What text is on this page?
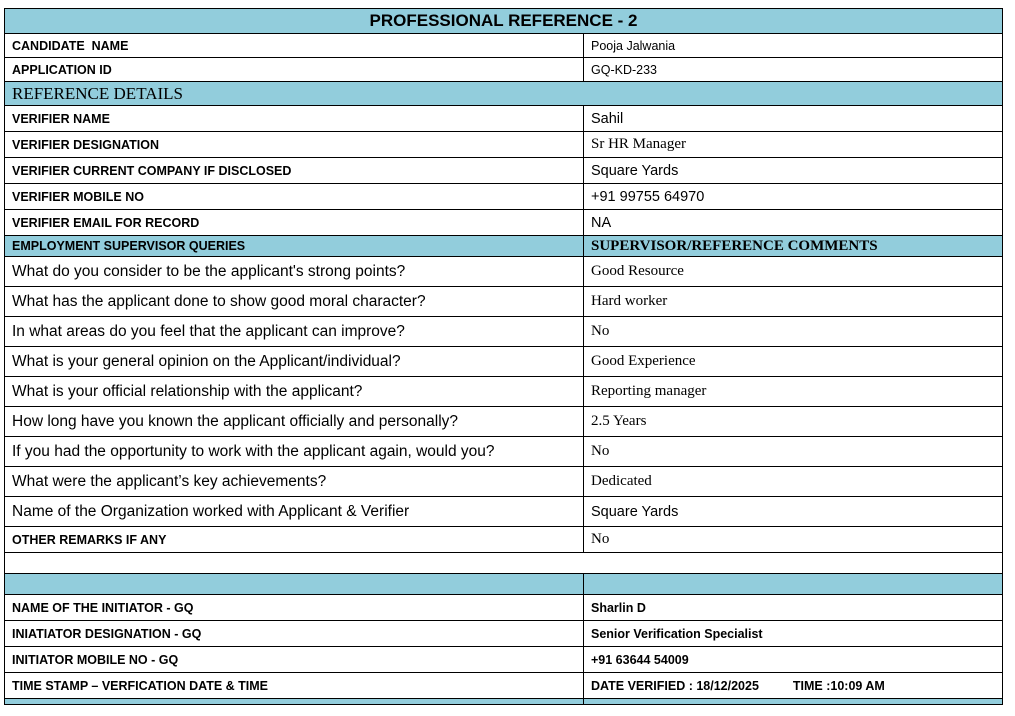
PROFESSIONAL REFERENCE - 2	
CANDIDATE  NAME	Pooja Jalwania
APPLICATION ID	GQ-KD-233
REFERENCE DETAILS	
VERIFIER NAME	Sahil
VERIFIER DESIGNATION	Sr HR Manager
VERIFIER CURRENT COMPANY IF DISCLOSED	Square Yards
VERIFIER MOBILE NO	+91 99755 64970
VERIFIER EMAIL FOR RECORD	NA
EMPLOYMENT SUPERVISOR QUERIES	SUPERVISOR/REFERENCE COMMENTS
What do you consider to be the applicant's strong points?	Good Resource
What has the applicant done to show good moral character?	Hard worker
In what areas do you feel that the applicant can improve?	No
What is your general opinion on the Applicant/individual?	Good Experience
What is your official relationship with the applicant?	Reporting manager
How long have you known the applicant officially and personally?	2.5 Years
If you had the opportunity to work with the applicant again, would you?	No
What were the applicant’s key achievements?	Dedicated
Name of the Organization worked with Applicant & Verifier	Square Yards
OTHER REMARKS IF ANY	No

NAME OF THE INITIATOR - GQ	Sharlin D
INIATIATOR DESIGNATION - GQ	Senior Verification Specialist
INITIATOR MOBILE NO - GQ	+91 63644 54009
TIME STAMP – VERFICATION DATE & TIME	DATE VERIFIED : 18/12/2025 TIME :10:09 AM
